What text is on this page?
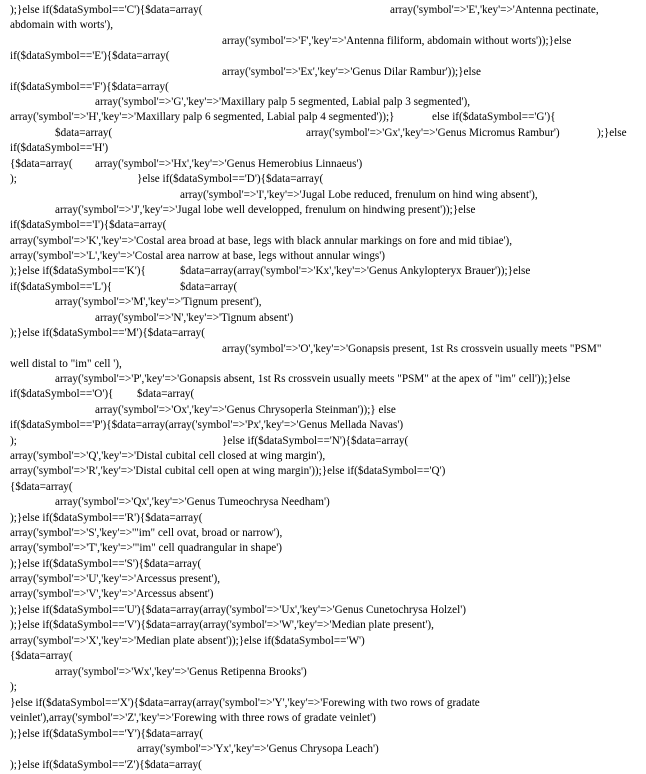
);}else if($dataSymbol=='C'){$data=array(	array('symbol'=>'E','key'=>'Antenna pectinate,
abdomain with worts'),
array('symbol'=>'F','key'=>'Antenna filiform, abdomain without worts'));}else
if($dataSymbol=='E'){$data=array(
array('symbol'=>'Ex','key'=>'Genus Dilar Rambur'));}else
if($dataSymbol=='F'){$data=array(
array('symbol'=>'G','key'=>'Maxillary palp 5 segmented, Labial palp 3 segmented'),
array('symbol'=>'H','key'=>'Maxillary palp 6 segmented, Labial palp 4 segmented'));}	else if($dataSymbol=='G'){
$data=array(	array('symbol'=>'Gx','key'=>'Genus Micromus Rambur')	);}else
if($dataSymbol=='H')
{$data=array( array('symbol'=>'Hx','key'=>'Genus Hemerobius Linnaeus')
);	}else if($dataSymbol=='D'){$data=array(
array('symbol'=>'I','key'=>'Jugal Lobe reduced, frenulum on hind wing absent'),
array('symbol'=>'J','key'=>'Jugal lobe well developped, frenulum on hindwing present'));}else
if($dataSymbol=='I'){$data=array(
array('symbol'=>'K','key'=>'Costal area broad at base, legs with black annular markings on fore and mid tibiae'),
array('symbol'=>'L','key'=>'Costal area narrow at base, legs without annular wings')
);}else if($dataSymbol=='K'){	$data=array(array('symbol'=>'Kx','key'=>'Genus Ankylopteryx Brauer'));}else
if($dataSymbol=='L'){	$data=array(
array('symbol'=>'M','key'=>'Tignum present'),
array('symbol'=>'N','key'=>'Tignum absent')
);}else if($dataSymbol=='M'){$data=array(
array('symbol'=>'O','key'=>'Gonapsis present, 1st Rs crossvein usually meets "PSM"
well distal to "im" cell '),
array('symbol'=>'P','key'=>'Gonapsis absent, 1st Rs crossvein usually meets "PSM" at the apex of "im" cell'));}else
if($dataSymbol=='O'){ $data=array(
array('symbol'=>'Ox','key'=>'Genus Chrysoperla Steinman'));} else
if($dataSymbol=='P'){$data=array(array('symbol'=>'Px','key'=>'Genus Mellada Navas')
);	}else if($dataSymbol=='N'){$data=array(
array('symbol'=>'Q','key'=>'Distal cubital cell closed at wing margin'),
array('symbol'=>'R','key'=>'Distal cubital cell open at wing margin'));}else if($dataSymbol=='Q')
{$data=array(
array('symbol'=>'Qx','key'=>'Genus Tumeochrysa Needham')
);}else if($dataSymbol=='R'){$data=array(
array('symbol'=>'S','key'=>'"im" cell ovat, broad or narrow'),
array('symbol'=>'T','key'=>'"im" cell quadrangular in shape')
);}else if($dataSymbol=='S'){$data=array(
array('symbol'=>'U','key'=>'Arcessus present'),
array('symbol'=>'V','key'=>'Arcessus absent')
);}else if($dataSymbol=='U'){$data=array(array('symbol'=>'Ux','key'=>'Genus Cunetochrysa Holzel')
);}else if($dataSymbol=='V'){$data=array(array('symbol'=>'W','key'=>'Median plate present'),
array('symbol'=>'X','key'=>'Median plate absent'));}else if($dataSymbol=='W')
{$data=array(
array('symbol'=>'Wx','key'=>'Genus Retipenna Brooks')
);
}else if($dataSymbol=='X'){$data=array(array('symbol'=>'Y','key'=>'Forewing with two rows of gradate
veinlet'),array('symbol'=>'Z','key'=>'Forewing with three rows of gradate veinlet')
);}else if($dataSymbol=='Y'){$data=array(
array('symbol'=>'Yx','key'=>'Genus Chrysopa Leach')
);}else if($dataSymbol=='Z'){$data=array(
